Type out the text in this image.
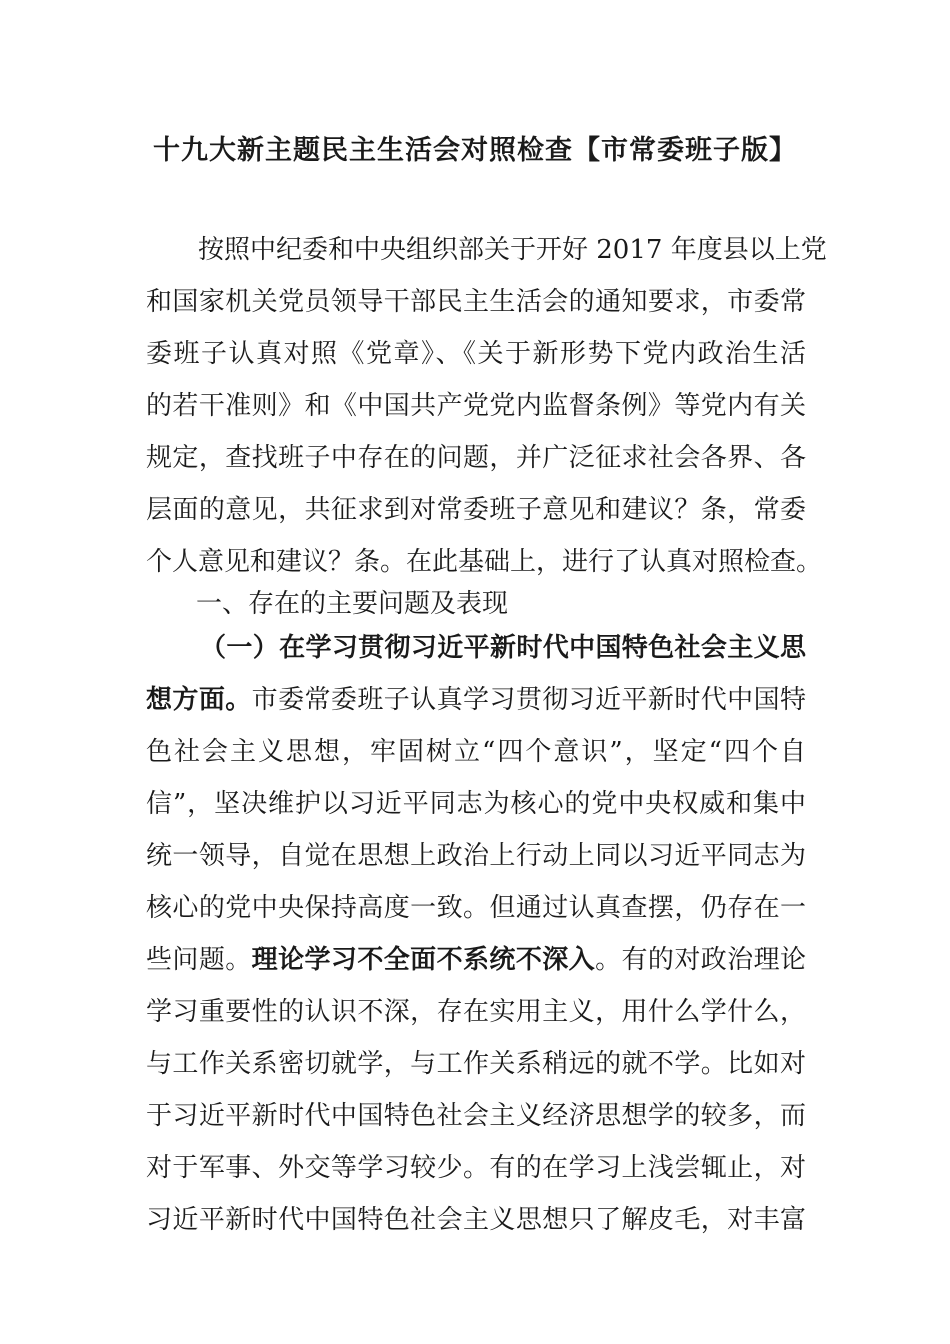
十九大新主题民主生活会对照检查【市常委班子版】
按照中纪委和中央组织部关于开好 2017 年度县以上党
和国家机关党员领导干部民主生活会的通知要求，市委常
委班子认真对照《党章》、《关于新形势下党内政治生活
的若干准则》和《中国共产党党内监督条例》等党内有关
规定，查找班子中存在的问题，并广泛征求社会各界、各
层面的意见，共征求到对常委班子意见和建议？条，常委
个人意见和建议？条。在此基础上，进行了认真对照检查。
一、存在的主要问题及表现
（一）在学习贯彻习近平新时代中国特色社会主义思
想方面。市委常委班子认真学习贯彻习近平新时代中国特
色社会主义思想，牢固树立“四个意识”，坚定“四个自
信”，坚决维护以习近平同志为核心的党中央权威和集中
统一领导，自觉在思想上政治上行动上同以习近平同志为
核心的党中央保持高度一致。但通过认真查摆，仍存在一
些问题。理论学习不全面不系统不深入。有的对政治理论
学习重要性的认识不深，存在实用主义，用什么学什么，
与工作关系密切就学，与工作关系稍远的就不学。比如对
于习近平新时代中国特色社会主义经济思想学的较多，而
对于军事、外交等学习较少。有的在学习上浅尝辄止，对
习近平新时代中国特色社会主义思想只了解皮毛，对丰富
